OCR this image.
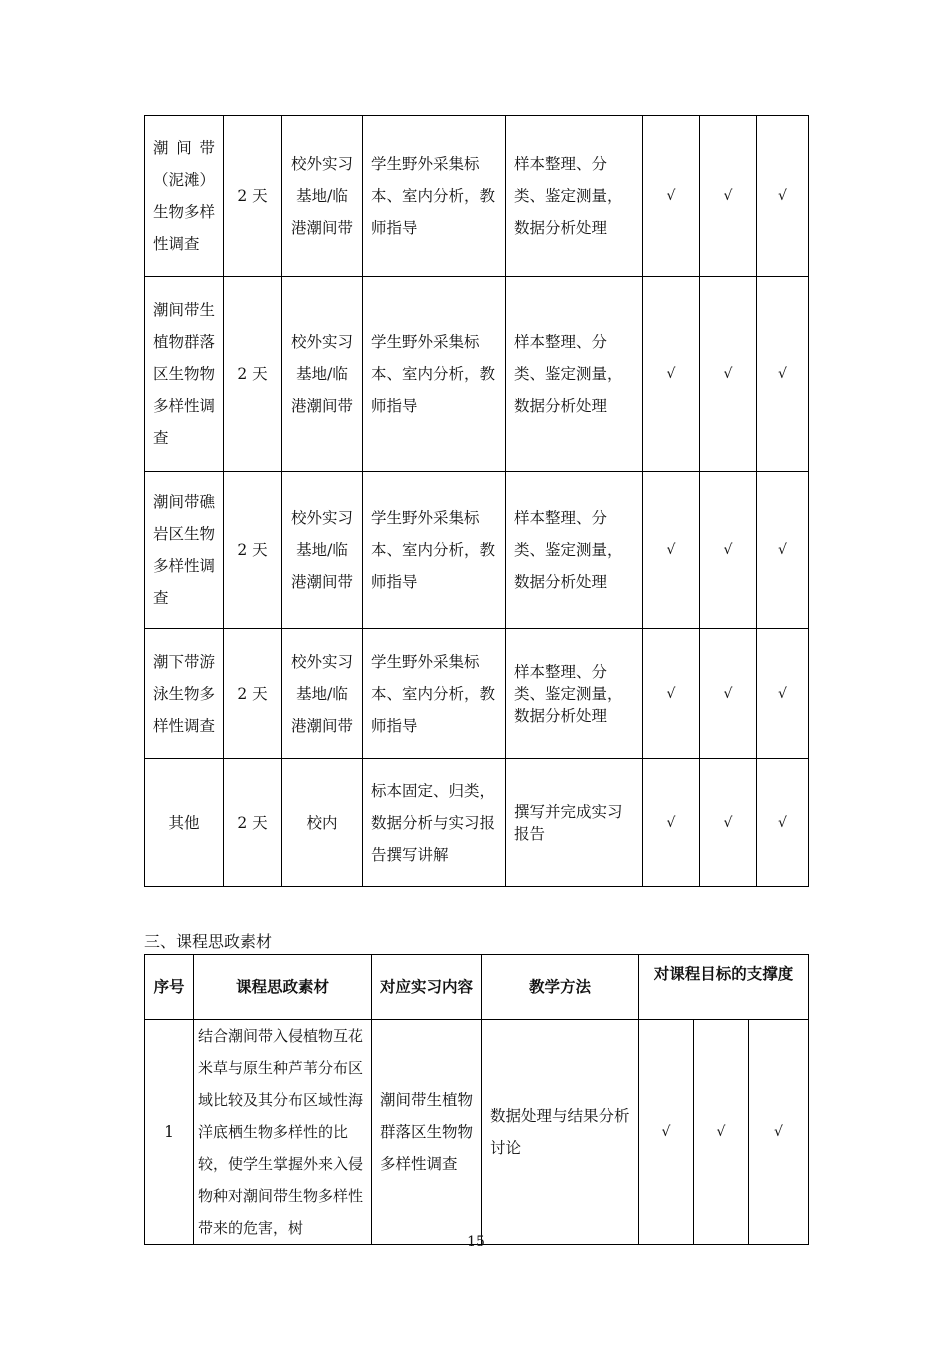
潮间带（泥滩）生物多样性调查	2 天	校外实习基地/临港潮间带	学生野外采集标本、室内分析，教师指导	样本整理、分类、鉴定测量，数据分析处理	√	√	√
潮间带生植物群落区生物物多样性调查	2 天	校外实习基地/临港潮间带	学生野外采集标本、室内分析，教师指导	样本整理、分类、鉴定测量，数据分析处理	√	√	√
潮间带礁岩区生物多样性调查	2 天	校外实习基地/临港潮间带	学生野外采集标本、室内分析，教师指导	样本整理、分类、鉴定测量，数据分析处理	√	√	√
潮下带游泳生物多样性调查	2 天	校外实习基地/临港潮间带	学生野外采集标本、室内分析，教师指导	样本整理、分类、鉴定测量，数据分析处理	√	√	√
其他	2 天	校内	标本固定、归类，数据分析与实习报告撰写讲解	撰写并完成实习报告	√	√	√
三、课程思政素材
序号	课程思政素材	对应实习内容	教学方法	对课程目标的支撑度		
1	结合潮间带入侵植物互花米草与原生种芦苇分布区域比较及其分布区域性海洋底栖生物多样性的比较，使学生掌握外来入侵物种对潮间带生物多样性带来的危害，树	潮间带生植物群落区生物物多样性调查	数据处理与结果分析讨论	√	√	√
15
